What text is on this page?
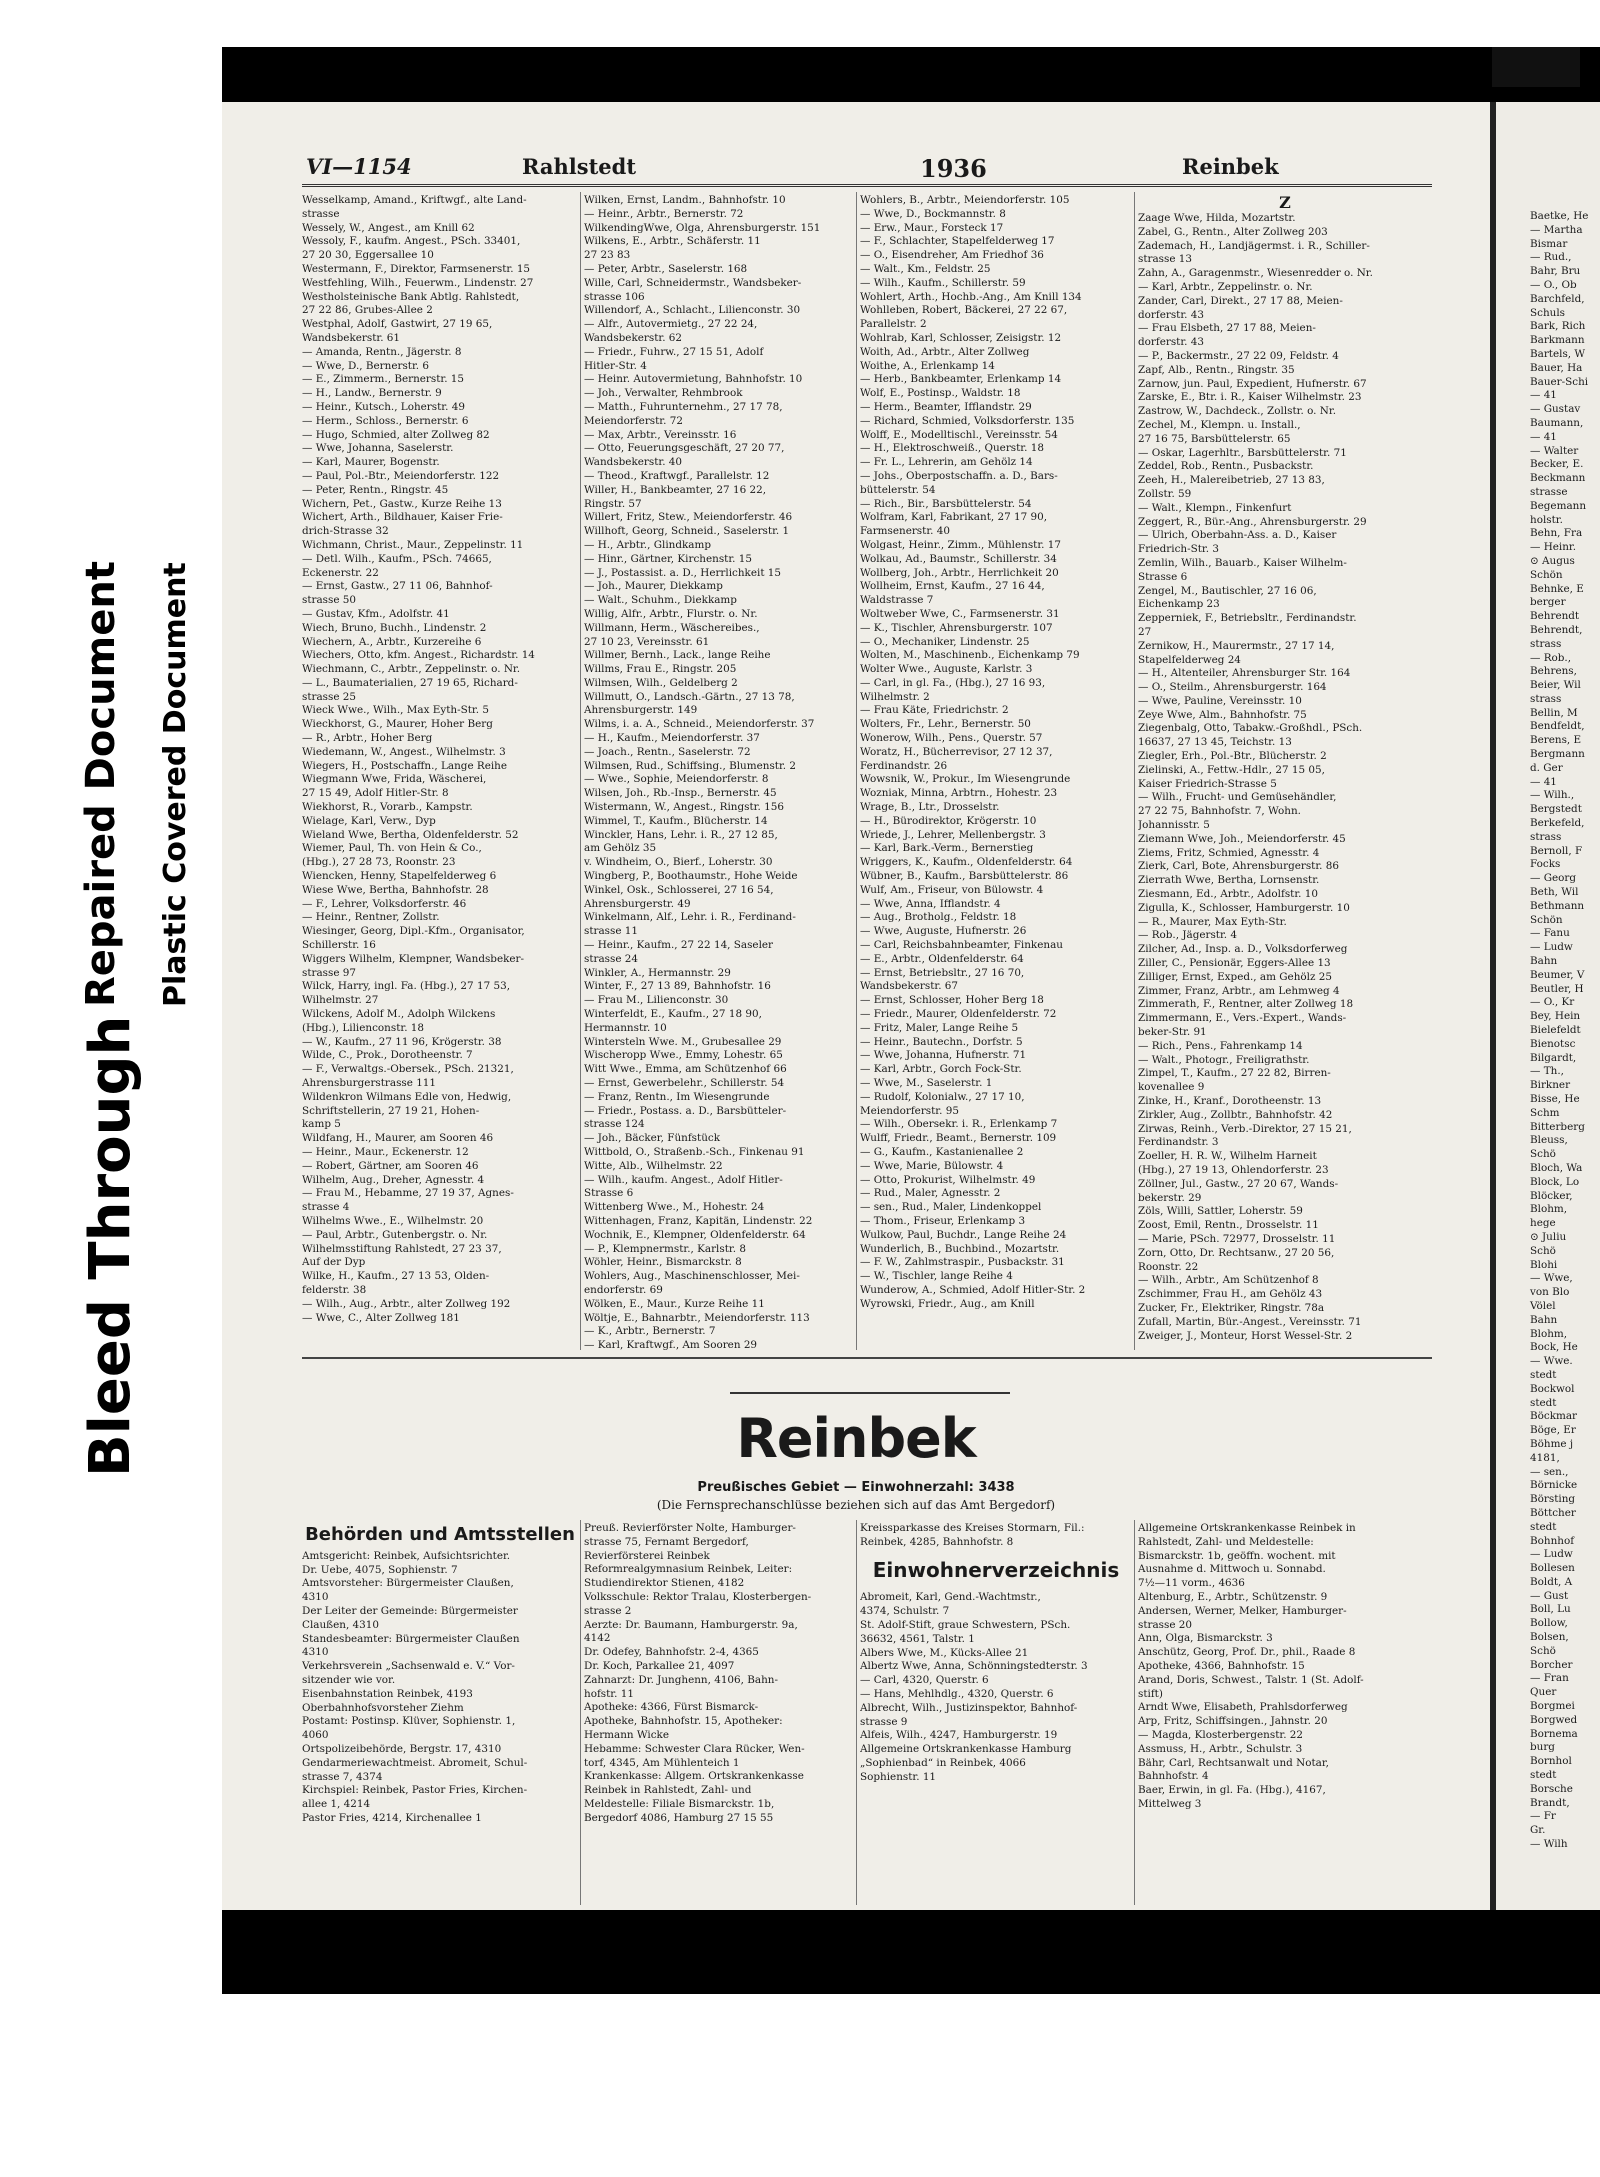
Bleed Through
Repaired Document Plastic Covered Document
VI—1154	Rahlstedt	1936	Reinbek

Wesselkamp, Amand., Kriftwgf., alte Land-

strasse

Wessely, W., Angest., am Knill 62

Wessoly, F., kaufm. Angest., PSch. 33401,

27 20 30, Eggersallee 10

Westermann, F., Direktor, Farmsenerstr. 15

Westfehling, Wilh., Feuerwm., Lindenstr. 27

Westholsteinische Bank Abtlg. Rahlstedt,

27 22 86, Grubes-Allee 2

Westphal, Adolf, Gastwirt, 27 19 65,

Wandsbekerstr. 61

— Amanda, Rentn., Jägerstr. 8

— Wwe, D., Bernerstr. 6

— E., Zimmerm., Bernerstr. 15

— H., Landw., Bernerstr. 9

— Heinr., Kutsch., Loherstr. 49

— Herm., Schloss., Bernerstr. 6

— Hugo, Schmied, alter Zollweg 82

— Wwe, Johanna, Saselerstr.

— Karl, Maurer, Bogenstr.

— Paul, Pol.-Btr., Meiendorferstr. 122

— Peter, Rentn., Ringstr. 45

Wichern, Pet., Gastw., Kurze Reihe 13

Wichert, Arth., Bildhauer, Kaiser Frie-

drich-Strasse 32

Wichmann, Christ., Maur., Zeppelinstr. 11

— Detl. Wilh., Kaufm., PSch. 74665,

Eckenerstr. 22

— Ernst, Gastw., 27 11 06, Bahnhof-

strasse 50

— Gustav, Kfm., Adolfstr. 41

Wiech, Bruno, Buchh., Lindenstr. 2

Wiechern, A., Arbtr., Kurzereihe 6

Wiechers, Otto, kfm. Angest., Richardstr. 14

Wiechmann, C., Arbtr., Zeppelinstr. o. Nr.

— L., Baumaterialien, 27 19 65, Richard-

strasse 25

Wieck Wwe., Wilh., Max Eyth-Str. 5

Wieckhorst, G., Maurer, Hoher Berg

— R., Arbtr., Hoher Berg

Wiedemann, W., Angest., Wilhelmstr. 3

Wiegers, H., Postschaffn., Lange Reihe

Wiegmann Wwe, Frida, Wäscherei,

27 15 49, Adolf Hitler-Str. 8

Wiekhorst, R., Vorarb., Kampstr.

Wielage, Karl, Verw., Dyp

Wieland Wwe, Bertha, Oldenfelderstr. 52

Wiemer, Paul, Th. von Hein & Co.,

(Hbg.), 27 28 73, Roonstr. 23

Wiencken, Henny, Stapelfelderweg 6

Wiese Wwe, Bertha, Bahnhofstr. 28

— F., Lehrer, Volksdorferstr. 46

— Heinr., Rentner, Zollstr.

Wiesinger, Georg, Dipl.-Kfm., Organisator,

Schillerstr. 16

Wiggers Wilhelm, Klempner, Wandsbeker-

strasse 97

Wilck, Harry, ingl. Fa. (Hbg.), 27 17 53,

Wilhelmstr. 27

Wilckens, Adolf M., Adolph Wilckens

(Hbg.), Lilienconstr. 18

— W., Kaufm., 27 11 96, Krögerstr. 38

Wilde, C., Prok., Dorotheenstr. 7

— F., Verwaltgs.-Obersek., PSch. 21321,

Ahrensburgerstrasse 111

Wildenkron Wilmans Edle von, Hedwig,

Schriftstellerin, 27 19 21, Hohen-

kamp 5

Wildfang, H., Maurer, am Sooren 46

— Heinr., Maur., Eckenerstr. 12

— Robert, Gärtner, am Sooren 46

Wilhelm, Aug., Dreher, Agnesstr. 4

— Frau M., Hebamme, 27 19 37, Agnes-

strasse 4

Wilhelms Wwe., E., Wilhelmstr. 20

— Paul, Arbtr., Gutenbergstr. o. Nr.

Wilhelmsstiftung Rahlstedt, 27 23 37,

Auf der Dyp

Wilke, H., Kaufm., 27 13 53, Olden-

felderstr. 38

— Wilh., Aug., Arbtr., alter Zollweg 192

— Wwe, C., Alter Zollweg 181

Wilken, Ernst, Landm., Bahnhofstr. 10

— Heinr., Arbtr., Bernerstr. 72

WilkendingWwe, Olga, Ahrensburgerstr. 151

Wilkens, E., Arbtr., Schäferstr. 11

27 23 83

— Peter, Arbtr., Saselerstr. 168

Wille, Carl, Schneidermstr., Wandsbeker-

strasse 106

Willendorf, A., Schlacht., Lilienconstr. 30

— Alfr., Autovermietg., 27 22 24,

Wandsbekerstr. 62

— Friedr., Fuhrw., 27 15 51, Adolf

Hitler-Str. 4

— Heinr. Autovermietung, Bahnhofstr. 10

— Joh., Verwalter, Rehmbrook

— Matth., Fuhrunternehm., 27 17 78,

Meiendorferstr. 72

— Max, Arbtr., Vereinsstr. 16

— Otto, Feuerungsgeschäft, 27 20 77,

Wandsbekerstr. 40

— Theod., Kraftwgf., Parallelstr. 12

Willer, H., Bankbeamter, 27 16 22,

Ringstr. 57

Willert, Fritz, Stew., Meiendorferstr. 46

Willhoft, Georg, Schneid., Saselerstr. 1

— H., Arbtr., Glindkamp

— Hinr., Gärtner, Kirchenstr. 15

— J., Postassist. a. D., Herrlichkeit 15

— Joh., Maurer, Diekkamp

— Walt., Schuhm., Diekkamp

Willig, Alfr., Arbtr., Flurstr. o. Nr.

Willmann, Herm., Wäschereibes.,

27 10 23, Vereinsstr. 61

Willmer, Bernh., Lack., lange Reihe

Willms, Frau E., Ringstr. 205

Wilmsen, Wilh., Geldelberg 2

Willmutt, O., Landsch.-Gärtn., 27 13 78,

Ahrensburgerstr. 149

Wilms, i. a. A., Schneid., Meiendorferstr. 37

— H., Kaufm., Meiendorferstr. 37

— Joach., Rentn., Saselerstr. 72

Wilmsen, Rud., Schiffsing., Blumenstr. 2

— Wwe., Sophie, Meiendorferstr. 8

Wilsen, Joh., Rb.-Insp., Bernerstr. 45

Wistermann, W., Angest., Ringstr. 156

Wimmel, T., Kaufm., Blücherstr. 14

Winckler, Hans, Lehr. i. R., 27 12 85,

am Gehölz 35

v. Windheim, O., Bierf., Loherstr. 30

Wingberg, P., Boothaumstr., Hohe Weide

Winkel, Osk., Schlosserei, 27 16 54,

Ahrensburgerstr. 49

Winkelmann, Alf., Lehr. i. R., Ferdinand-

strasse 11

— Heinr., Kaufm., 27 22 14, Saseler

strasse 24

Winkler, A., Hermannstr. 29

Winter, F., 27 13 89, Bahnhofstr. 16

— Frau M., Lilienconstr. 30

Winterfeldt, E., Kaufm., 27 18 90,

Hermannstr. 10

Wintersteln Wwe. M., Grubesallee 29

Wischeropp Wwe., Emmy, Lohestr. 65

Witt Wwe., Emma, am Schützenhof 66

— Ernst, Gewerbelehr., Schillerstr. 54

— Franz, Rentn., Im Wiesengrunde

— Friedr., Postass. a. D., Barsbütteler-

strasse 124

— Joh., Bäcker, Fünfstück

Wittbold, O., Straßenb.-Sch., Finkenau 91

Witte, Alb., Wilhelmstr. 22

— Wilh., kaufm. Angest., Adolf Hitler-

Strasse 6

Wittenberg Wwe., M., Hohestr. 24

Wittenhagen, Franz, Kapitän, Lindenstr. 22

Wochnik, E., Klempner, Oldenfelderstr. 64

— P., Klempnermstr., Karlstr. 8

Wöhler, Heinr., Bismarckstr. 8

Wohlers, Aug., Maschinenschlosser, Mei-

endorferstr. 69

Wölken, E., Maur., Kurze Reihe 11

Wöltje, E., Bahnarbtr., Meiendorferstr. 113

— K., Arbtr., Bernerstr. 7

— Karl, Kraftwgf., Am Sooren 29

Wohlers, B., Arbtr., Meiendorferstr. 105

— Wwe, D., Bockmannstr. 8

— Erw., Maur., Forsteck 17

— F., Schlachter, Stapelfelderweg 17

— O., Eisendreher, Am Friedhof 36

— Walt., Km., Feldstr. 25

— Wilh., Kaufm., Schillerstr. 59

Wohlert, Arth., Hochb.-Ang., Am Knill 134

Wohlleben, Robert, Bäckerei, 27 22 67,

Parallelstr. 2

Wohlrab, Karl, Schlosser, Zeisigstr. 12

Woith, Ad., Arbtr., Alter Zollweg

Woithe, A., Erlenkamp 14

— Herb., Bankbeamter, Erlenkamp 14

Wolf, E., Postinsp., Waldstr. 18

— Herm., Beamter, Ifflandstr. 29

— Richard, Schmied, Volksdorferstr. 135

Wolff, E., Modelltischl., Vereinsstr. 54

— H., Elektroschweiß., Querstr. 18

— Fr. L., Lehrerin, am Gehölz 14

— Johs., Oberpostschaffn. a. D., Bars-

büttelerstr. 54

— Rich., Bir., Barsbüttelerstr. 54

Wolfram, Karl, Fabrikant, 27 17 90,

Farmsenerstr. 40

Wolgast, Heinr., Zimm., Mühlenstr. 17

Wolkau, Ad., Baumstr., Schillerstr. 34

Wollberg, Joh., Arbtr., Herrlichkeit 20

Wollheim, Ernst, Kaufm., 27 16 44,

Waldstrasse 7

Woltweber Wwe, C., Farmsenerstr. 31

— K., Tischler, Ahrensburgerstr. 107

— O., Mechaniker, Lindenstr. 25

Wolten, M., Maschinenb., Eichenkamp 79

Wolter Wwe., Auguste, Karlstr. 3

— Carl, in gl. Fa., (Hbg.), 27 16 93,

Wilhelmstr. 2

— Frau Käte, Friedrichstr. 2

Wolters, Fr., Lehr., Bernerstr. 50

Wonerow, Wilh., Pens., Querstr. 57

Woratz, H., Bücherrevisor, 27 12 37,

Ferdinandstr. 26

Wowsnik, W., Prokur., Im Wiesengrunde

Wozniak, Minna, Arbtrn., Hohestr. 23

Wrage, B., Ltr., Drosselstr.

— H., Bürodirektor, Krögerstr. 10

Wriede, J., Lehrer, Mellenbergstr. 3

— Karl, Bark.-Verm., Bernerstieg

Wriggers, K., Kaufm., Oldenfelderstr. 64

Wübner, B., Kaufm., Barsbüttelerstr. 86

Wulf, Am., Friseur, von Bülowstr. 4

— Wwe, Anna, Ifflandstr. 4

— Aug., Brotholg., Feldstr. 18

— Wwe, Auguste, Hufnerstr. 26

— Carl, Reichsbahnbeamter, Finkenau

— E., Arbtr., Oldenfelderstr. 64

— Ernst, Betriebsltr., 27 16 70,

Wandsbekerstr. 67

— Ernst, Schlosser, Hoher Berg 18

— Friedr., Maurer, Oldenfelderstr. 72

— Fritz, Maler, Lange Reihe 5

— Heinr., Bautechn., Dorfstr. 5

— Wwe, Johanna, Hufnerstr. 71

— Karl, Arbtr., Gorch Fock-Str.

— Wwe, M., Saselerstr. 1

— Rudolf, Kolonialw., 27 17 10,

Meiendorferstr. 95

— Wilh., Obersekr. i. R., Erlenkamp 7

Wulff, Friedr., Beamt., Bernerstr. 109

— G., Kaufm., Kastanienallee 2

— Wwe, Marie, Bülowstr. 4

— Otto, Prokurist, Wilhelmstr. 49

— Rud., Maler, Agnesstr. 2

— sen., Rud., Maler, Lindenkoppel

— Thom., Friseur, Erlenkamp 3

Wulkow, Paul, Buchdr., Lange Reihe 24

Wunderlich, B., Buchbind., Mozartstr.

— F. W., Zahlmstraspir., Pusbackstr. 31

— W., Tischler, lange Reihe 4

Wunderow, A., Schmied, Adolf Hitler-Str. 2

Wyrowski, Friedr., Aug., am Knill

Z

Zaage Wwe, Hilda, Mozartstr.

Zabel, G., Rentn., Alter Zollweg 203

Zademach, H., Landjägermst. i. R., Schiller-

strasse 13

Zahn, A., Garagenmstr., Wiesenredder o. Nr.

— Karl, Arbtr., Zeppelinstr. o. Nr.

Zander, Carl, Direkt., 27 17 88, Meien-

dorferstr. 43

— Frau Elsbeth, 27 17 88, Meien-

dorferstr. 43

— P., Backermstr., 27 22 09, Feldstr. 4

Zapf, Alb., Rentn., Ringstr. 35

Zarnow, jun. Paul, Expedient, Hufnerstr. 67

Zarske, E., Btr. i. R., Kaiser Wilhelmstr. 23

Zastrow, W., Dachdeck., Zollstr. o. Nr.

Zechel, M., Klempn. u. Install.,

27 16 75, Barsbüttelerstr. 65

— Oskar, Lagerhltr., Barsbüttelerstr. 71

Zeddel, Rob., Rentn., Pusbackstr.

Zeeh, H., Malereibetrieb, 27 13 83,

Zollstr. 59

— Walt., Klempn., Finkenfurt

Zeggert, R., Bür.-Ang., Ahrensburgerstr. 29

— Ulrich, Oberbahn-Ass. a. D., Kaiser

Friedrich-Str. 3

Zemlin, Wilh., Bauarb., Kaiser Wilhelm-

Strasse 6

Zengel, M., Bautischler, 27 16 06,

Eichenkamp 23

Zepperniek, F., Betriebsltr., Ferdinandstr.

27

Zernikow, H., Maurermstr., 27 17 14,

Stapelfelderweg 24

— H., Altenteiler, Ahrensburger Str. 164

— O., Steilm., Ahrensburgerstr. 164

— Wwe, Pauline, Vereinsstr. 10

Zeye Wwe, Alm., Bahnhofstr. 75

Ziegenbalg, Otto, Tabakw.-Großhdl., PSch.

16637, 27 13 45, Teichstr. 13

Ziegler, Erh., Pol.-Btr., Blücherstr. 2

Zielinski, A., Fettw.-Hdlr., 27 15 05,

Kaiser Friedrich-Strasse 5

— Wilh., Frucht- und Gemüsehändler,

27 22 75, Bahnhofstr. 7, Wohn.

Johannisstr. 5

Ziemann Wwe, Joh., Meiendorferstr. 45

Ziems, Fritz, Schmied, Agnesstr. 4

Zierk, Carl, Bote, Ahrensburgerstr. 86

Zierrath Wwe, Bertha, Lornsenstr.

Ziesmann, Ed., Arbtr., Adolfstr. 10

Zigulla, K., Schlosser, Hamburgerstr. 10

— R., Maurer, Max Eyth-Str.

— Rob., Jägerstr. 4

Zilcher, Ad., Insp. a. D., Volksdorferweg

Ziller, C., Pensionär, Eggers-Allee 13

Zilliger, Ernst, Exped., am Gehölz 25

Zimmer, Franz, Arbtr., am Lehmweg 4

Zimmerath, F., Rentner, alter Zollweg 18

Zimmermann, E., Vers.-Expert., Wands-

beker-Str. 91

— Rich., Pens., Fahrenkamp 14

— Walt., Photogr., Freiligrathstr.

Zimpel, T., Kaufm., 27 22 82, Birren-

kovenallee 9

Zinke, H., Kranf., Dorotheenstr. 13

Zirkler, Aug., Zollbtr., Bahnhofstr. 42

Zirwas, Reinh., Verb.-Direktor, 27 15 21,

Ferdinandstr. 3

Zoeller, H. R. W., Wilhelm Harneit

(Hbg.), 27 19 13, Ohlendorferstr. 23

Zöllner, Jul., Gastw., 27 20 67, Wands-

bekerstr. 29

Zöls, Willi, Sattler, Loherstr. 59

Zoost, Emil, Rentn., Drosselstr. 11

— Marie, PSch. 72977, Drosselstr. 11

Zorn, Otto, Dr. Rechtsanw., 27 20 56,

Roonstr. 22

— Wilh., Arbtr., Am Schützenhof 8

Zschimmer, Frau H., am Gehölz 43

Zucker, Fr., Elektriker, Ringstr. 78a

Zufall, Martin, Bür.-Angest., Vereinsstr. 71

Zweiger, J., Monteur, Horst Wessel-Str. 2

Reinbek
Preußisches Gebiet — Einwohnerzahl: 3438
(Die Fernsprechanschlüsse beziehen sich auf das Amt Bergedorf)
Behörden und Amtsstellen

Amtsgericht: Reinbek, Aufsichtsrichter.

Dr. Uebe, 4075, Sophienstr. 7

Amtsvorsteher: Bürgermeister Claußen,

4310

Der Leiter der Gemeinde: Bürgermeister

Claußen, 4310

Standesbeamter: Bürgermeister Claußen

4310

Verkehrsverein „Sachsenwald e. V.“ Vor-

sitzender wie vor.

Eisenbahnstation Reinbek, 4193

Oberbahnhofsvorsteher Ziehm

Postamt: Postinsp. Klüver, Sophienstr. 1,

4060

Ortspolizeibehörde, Bergstr. 17, 4310

Gendarmeriewachtmeist. Abromeit, Schul-

strasse 7, 4374

Kirchspiel: Reinbek, Pastor Fries, Kirchen-

allee 1, 4214

Pastor Fries, 4214, Kirchenallee 1

Preuß. Revierförster Nolte, Hamburger-

strasse 75, Fernamt Bergedorf,

Revierförsterei Reinbek

Reformrealgymnasium Reinbek, Leiter:

Studiendirektor Stienen, 4182

Volksschule: Rektor Tralau, Klosterbergen-

strasse 2

Aerzte: Dr. Baumann, Hamburgerstr. 9a,

4142

Dr. Odefey, Bahnhofstr. 2-4, 4365

Dr. Koch, Parkallee 21, 4097

Zahnarzt: Dr. Junghenn, 4106, Bahn-

hofstr. 11

Apotheke: 4366, Fürst Bismarck-

Apotheke, Bahnhofstr. 15, Apotheker:

Hermann Wicke

Hebamme: Schwester Clara Rücker, Wen-

torf, 4345, Am Mühlenteich 1

Krankenkasse: Allgem. Ortskrankenkasse

Reinbek in Rahlstedt, Zahl- und

Meldestelle: Filiale Bismarckstr. 1b,

Bergedorf 4086, Hamburg 27 15 55

Kreissparkasse des Kreises Stormarn, Fil.:

Reinbek, 4285, Bahnhofstr. 8

Einwohnerverzeichnis

Abromeit, Karl, Gend.-Wachtmstr.,

4374, Schulstr. 7

St. Adolf-Stift, graue Schwestern, PSch.

36632, 4561, Talstr. 1

Albers Wwe, M., Kücks-Allee 21

Albertz Wwe, Anna, Schönningstedterstr. 3

— Carl, 4320, Querstr. 6

— Hans, Mehlhdlg., 4320, Querstr. 6

Albrecht, Wilh., Justizinspektor, Bahnhof-

strasse 9

Alfeis, Wilh., 4247, Hamburgerstr. 19

Allgemeine Ortskrankenkasse Hamburg

„Sophienbad“ in Reinbek, 4066

Sophienstr. 11

Allgemeine Ortskrankenkasse Reinbek in

Rahlstedt, Zahl- und Meldestelle:

Bismarckstr. 1b, geöffn. wochent. mit

Ausnahme d. Mittwoch u. Sonnabd.

7½—11 vorm., 4636

Altenburg, E., Arbtr., Schützenstr. 9

Andersen, Werner, Melker, Hamburger-

strasse 20

Ann, Olga, Bismarckstr. 3

Anschütz, Georg, Prof. Dr., phil., Raade 8

Apotheke, 4366, Bahnhofstr. 15

Arand, Doris, Schwest., Talstr. 1 (St. Adolf-

stift)

Arndt Wwe, Elisabeth, Prahlsdorferweg

Arp, Fritz, Schiffsingen., Jahnstr. 20

— Magda, Klosterbergenstr. 22

Assmuss, H., Arbtr., Schulstr. 3

Bähr, Carl, Rechtsanwalt und Notar,

Bahnhofstr. 4

Baer, Erwin, in gl. Fa. (Hbg.), 4167,

Mittelweg 3

Baetke, He

— Martha

Bismar

— Rud.,

Bahr, Bru

— O., Ob

Barchfeld,

Schuls

Bark, Rich

Barkmann

Bartels, W

Bauer, Ha

Bauer-Schi

— 41

— Gustav

Baumann,

— 41

— Walter

Becker, E.

Beckmann

strasse

Begemann

holstr.

Behn, Fra

— Heinr.

⊙ Augus

Schön

Behnke, E

berger

Behrendt

Behrendt,

strass

— Rob.,

Behrens,

Beier, Wil

strass

Bellin, M

Bendfeldt,

Berens, E

Bergmann

d. Ger

— 41

— Wilh.,

Bergstedt

Berkefeld,

strass

Bernoll, F

Focks

— Georg

Beth, Wil

Bethmann

Schön

— Fanu

— Ludw

Bahn

Beumer, V

Beutler, H

— O., Kr

Bey, Hein

Bielefeldt

Bienotsc

Bilgardt,

— Th.,

Birkner

Bisse, He

Schm

Bitterberg

Bleuss,

Schö

Bloch, Wa

Block, Lo

Blöcker,

Blohm,

hege

⊙ Juliu

Schö

Blohi

— Wwe,

von Blo

Völel

Bahn

Blohm,

Bock, He

— Wwe.

stedt

Bockwol

stedt

Böckmar

Böge, Er

Böhme j

4181,

— sen.,

Börnicke

Börsting

Böttcher

stedt

Bohnhof

— Ludw

Bollesen

Boldt, A

— Gust

Boll, Lu

Bollow,

Bolsen,

Schö

Borcher

— Fran

Quer

Borgmei

Borgwed

Bornema

burg

Bornhol

stedt

Borsche

Brandt,

— Fr

Gr.

— Wilh
